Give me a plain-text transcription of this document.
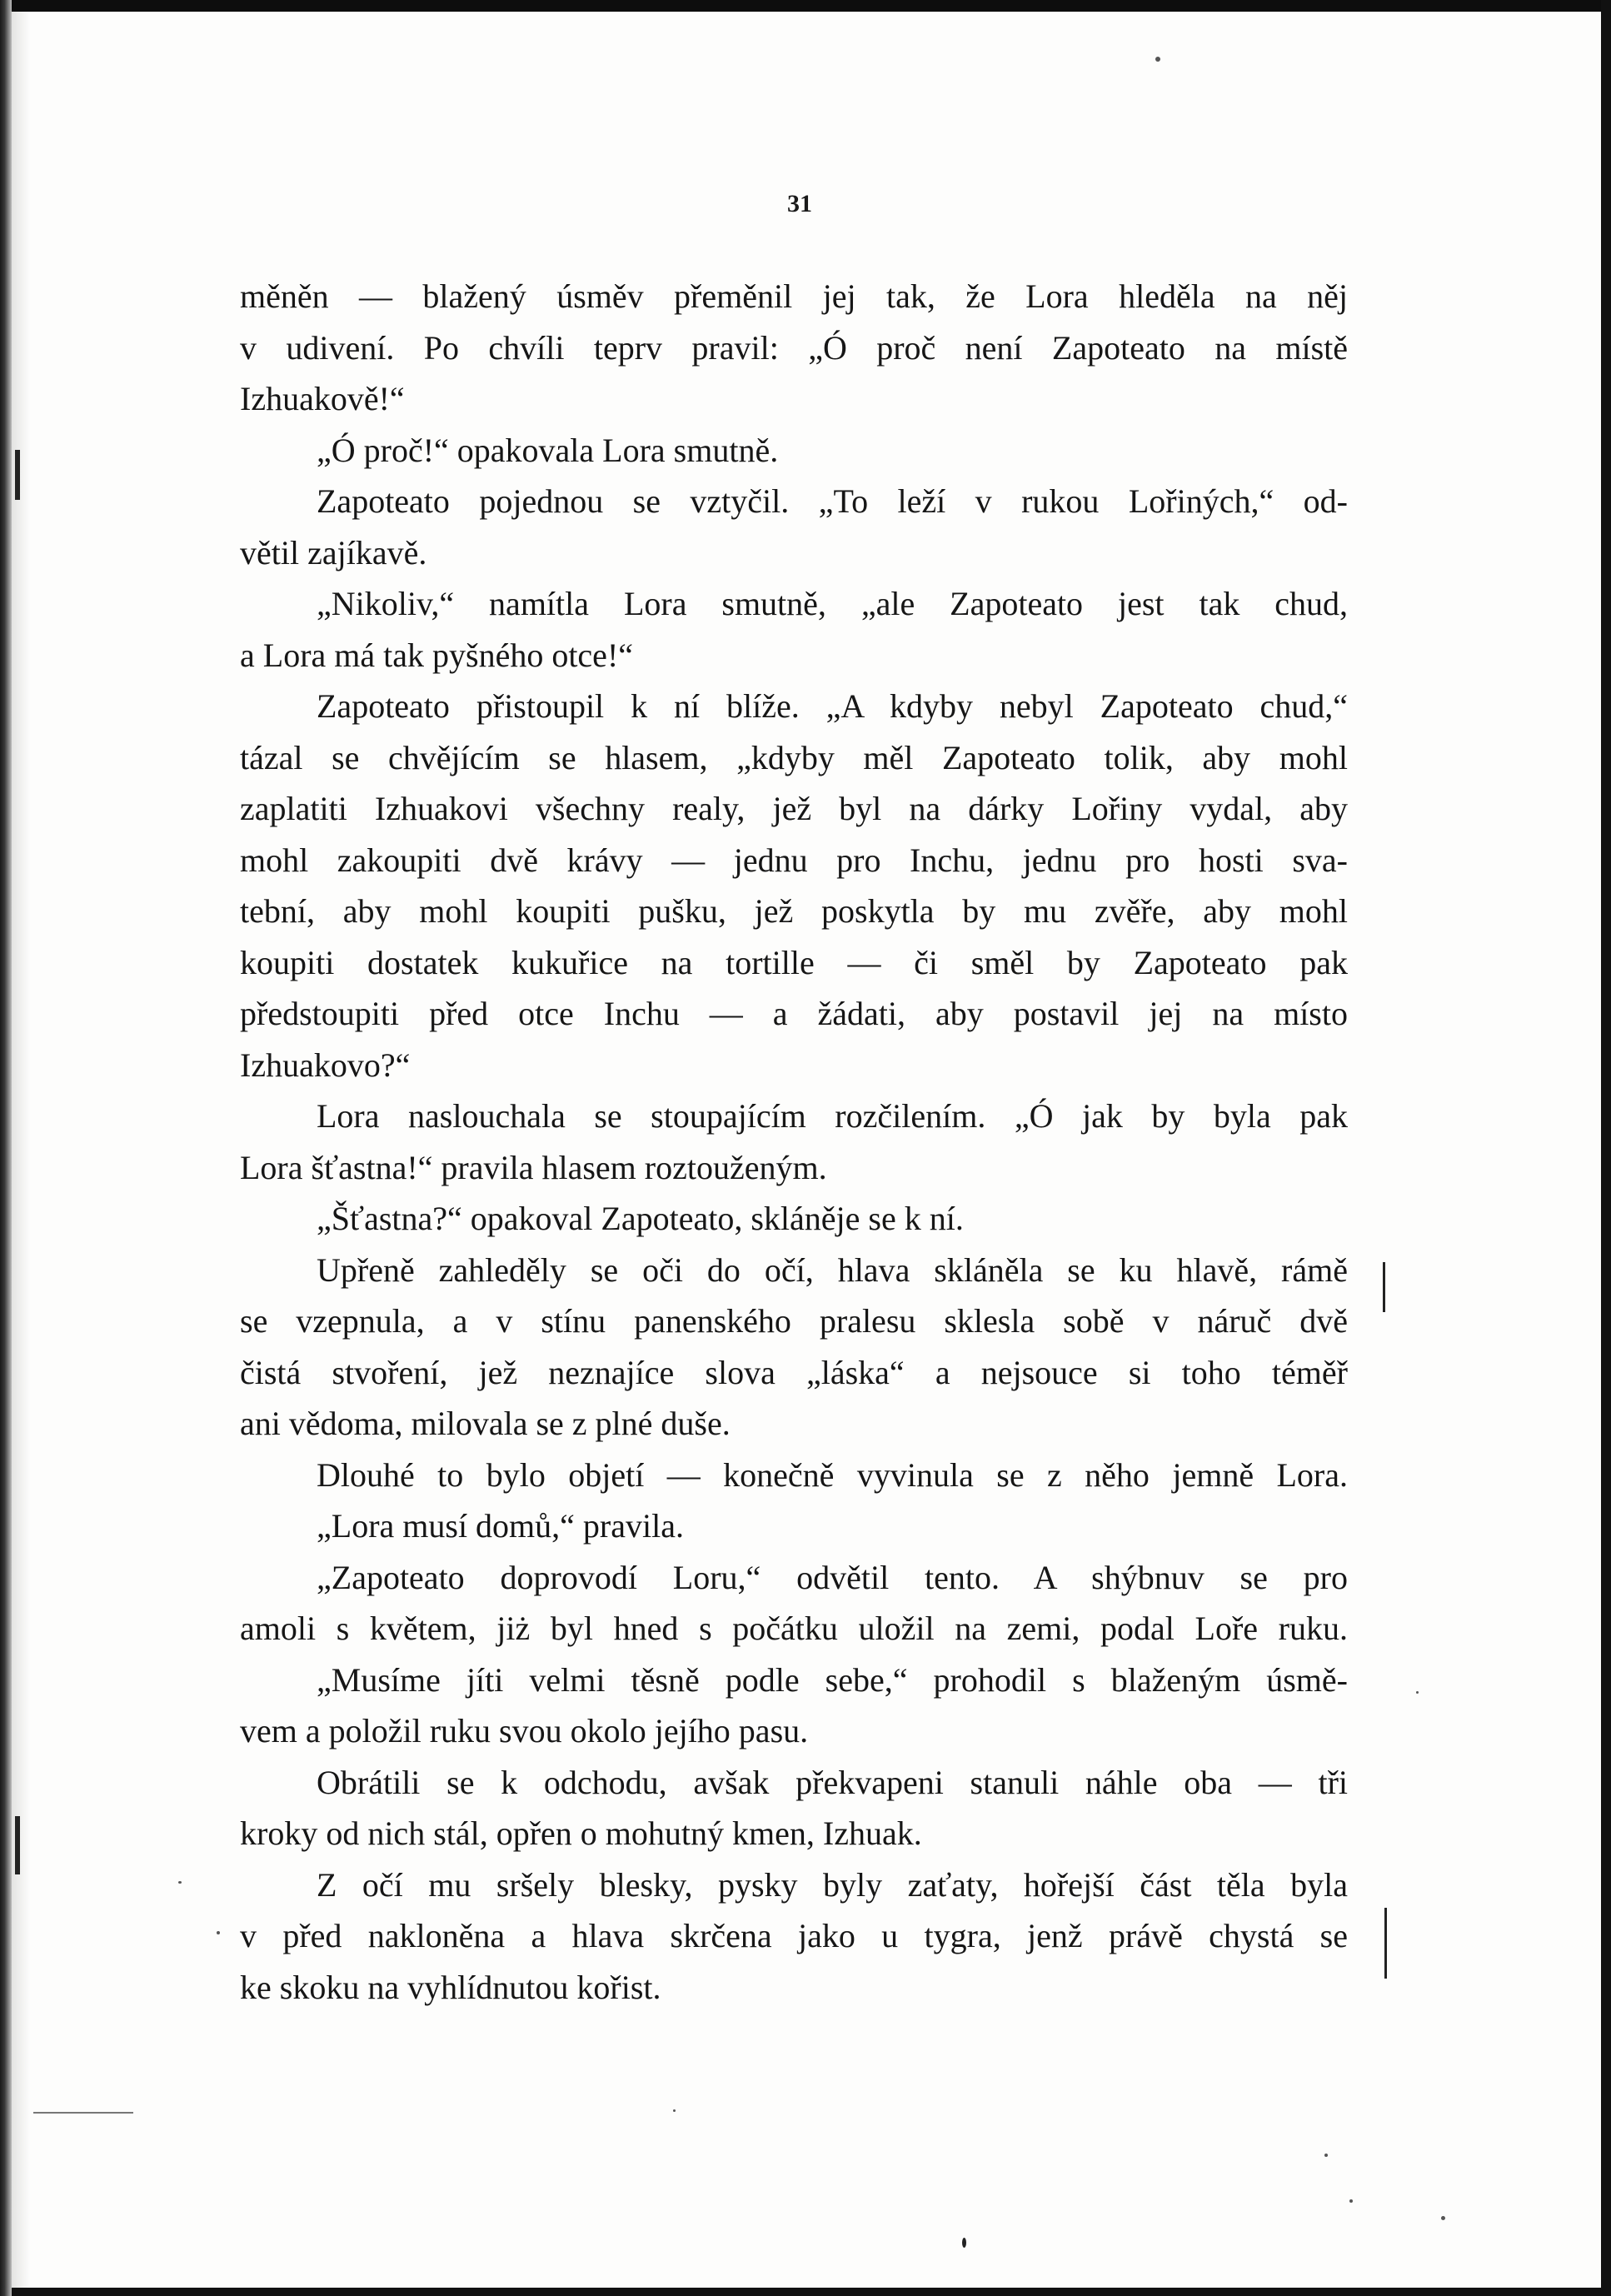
31
měněn — blažený úsměv přeměnil jej tak, že Lora hleděla na něj
v udivení. Po chvíli teprv pravil: „Ó proč není Zapoteato na místě
Izhuakově!“
„Ó proč!“ opakovala Lora smutně.
Zapoteato pojednou se vztyčil. „To leží v rukou Lořiných,“ od-
větil zajíkavě.
„Nikoliv,“ namítla Lora smutně, „ale Zapoteato jest tak chud,
a Lora má tak pyšného otce!“
Zapoteato přistoupil k ní blíže. „A kdyby nebyl Zapoteato chud,“
tázal se chvějícím se hlasem, „kdyby měl Zapoteato tolik, aby mohl
zaplatiti Izhuakovi všechny realy, jež byl na dárky Lořiny vydal, aby
mohl zakoupiti dvě krávy — jednu pro Inchu, jednu pro hosti sva-
tební, aby mohl koupiti pušku, jež poskytla by mu zvěře, aby mohl
koupiti dostatek kukuřice na tortille — či směl by Zapoteato pak
předstoupiti před otce Inchu — a žádati, aby postavil jej na místo
Izhuakovo?“
Lora naslouchala se stoupajícím rozčilením. „Ó jak by byla pak
Lora šťastna!“ pravila hlasem roztouženým.
„Šťastna?“ opakoval Zapoteato, skláněje se k ní.
Upřeně zahleděly se oči do očí, hlava skláněla se ku hlavě, rámě
se vzepnula, a v stínu panenského pralesu sklesla sobě v náruč dvě
čistá stvoření, jež neznajíce slova „láska“ a nejsouce si toho téměř
ani vědoma, milovala se z plné duše.
Dlouhé to bylo objetí — konečně vyvinula se z něho jemně Lora.
„Lora musí domů,“ pravila.
„Zapoteato doprovodí Loru,“ odvětil tento. A shýbnuv se pro
amoli s květem, jiż byl hned s počátku uložil na zemi, podal Loře ruku.
„Musíme jíti velmi těsně podle sebe,“ prohodil s blaženým úsmě-
vem a položil ruku svou okolo jejího pasu.
Obrátili se k odchodu, avšak překvapeni stanuli náhle oba — tři
kroky od nich stál, opřen o mohutný kmen, Izhuak.
Z očí mu sršely blesky, pysky byly zaťaty, hořejší část těla byla
v před nakloněna a hlava skrčena jako u tygra, jenž právě chystá se
ke skoku na vyhlídnutou kořist.
